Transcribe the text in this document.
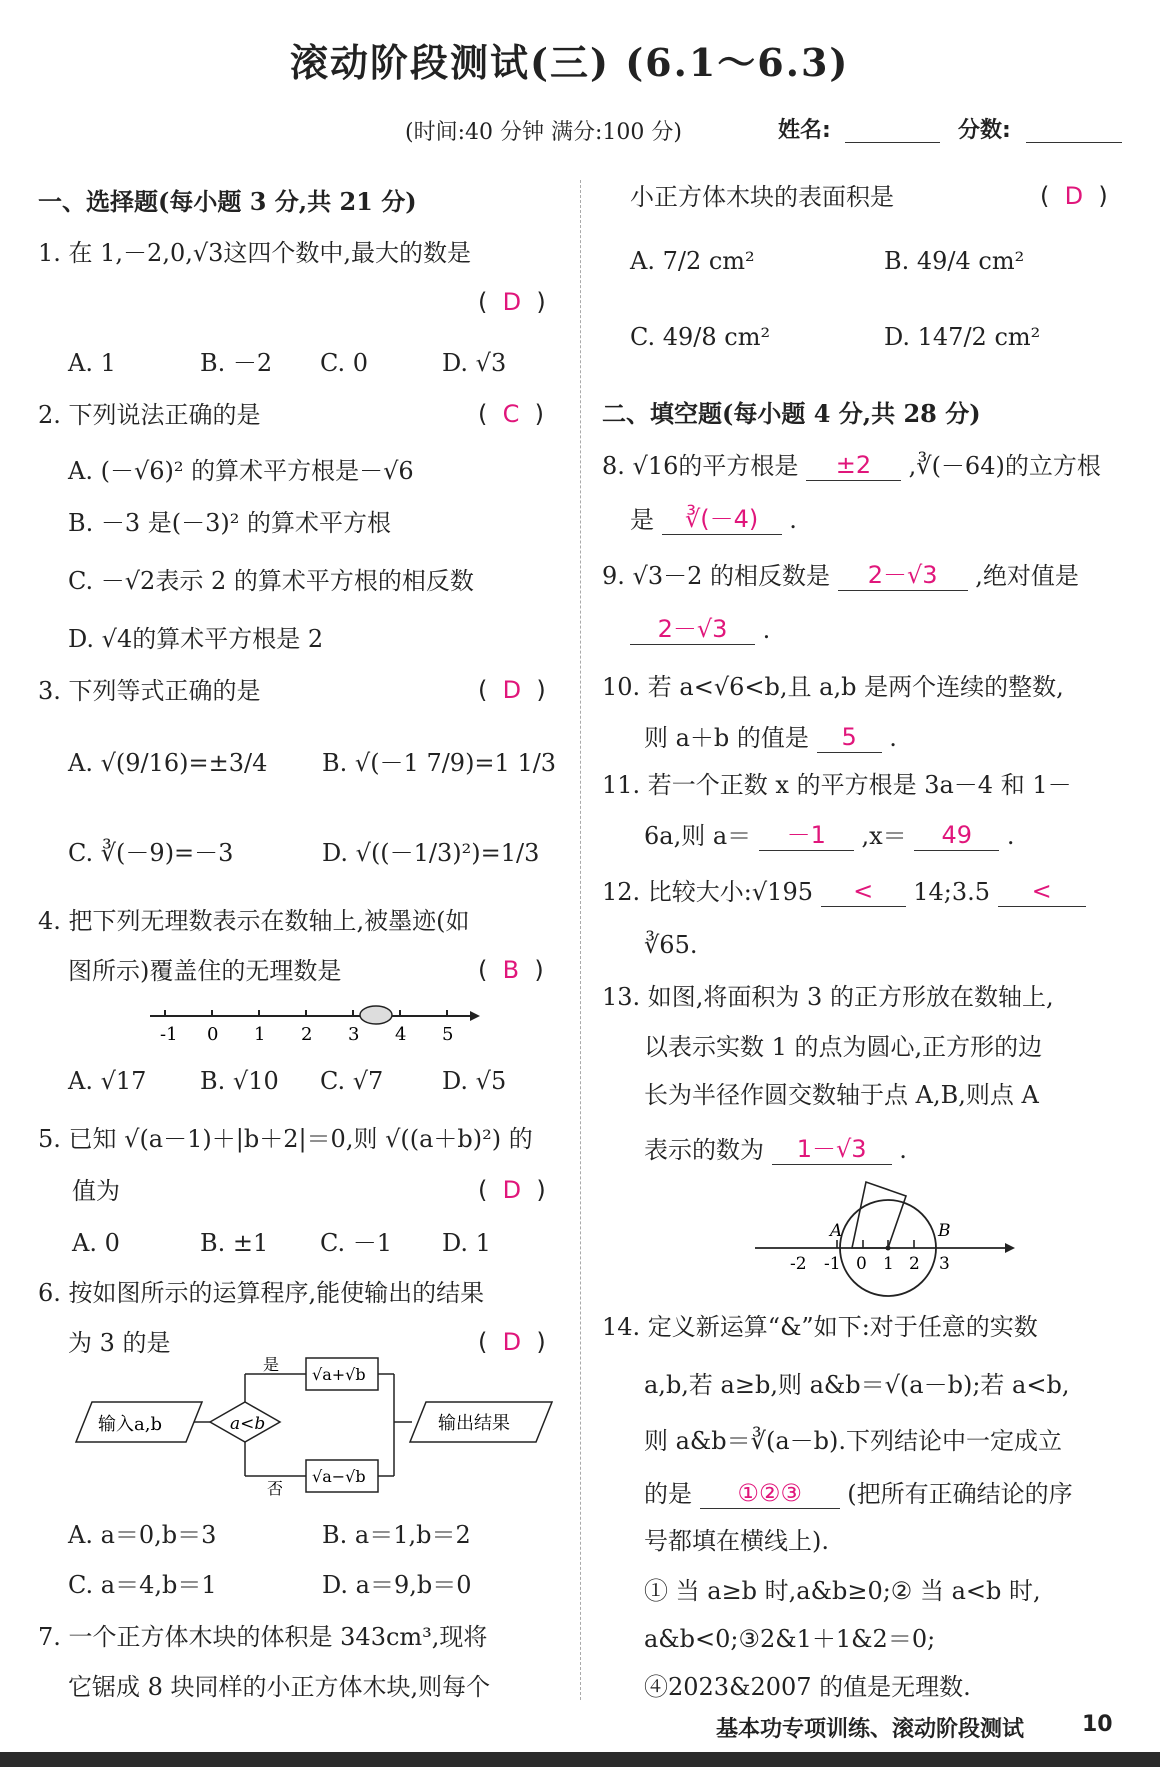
滚动阶段测试(三) (6.1～6.3)
(时间:40 分钟 满分:100 分)	姓名:	分数:
一、选择题(每小题 3 分,共 21 分)
1. 在 1,－2,0,√3这四个数中,最大的数是
(  D  )
A. 1	B. －2 C. 0	D. √3
2. 下列说法正确的是	(  C  )
A. (－√6)² 的算术平方根是－√6
B. －3 是(－3)² 的算术平方根
C. －√2表示 2 的算术平方根的相反数
D. √4的算术平方根是 2
3. 下列等式正确的是	(  D  )
A. √(9/16)=±3/4 B. √(－1 7/9)=1 1/3
C. ∛(－9)=－3	D. √((－1/3)²)=1/3
4. 把下列无理数表示在数轴上,被墨迹(如
图所示)覆盖住的无理数是	(  B  )
-1 0 1 2 3 4 5
A. √17 B. √10 C. √7 D. √5
5. 已知 √(a－1)＋|b＋2|＝0,则 √((a＋b)²) 的
值为	(  D  )
A. 0	B. ±1 C. －1 D. 1
6. 按如图所示的运算程序,能使输出的结果
为 3 的是	(  D  )
输入a,b	a<b
是
否
√a+√b
√a−√b
输出结果
A. a＝0,b＝3	B. a＝1,b＝2
C. a＝4,b＝1	D. a＝9,b＝0
7. 一个正方体木块的体积是 343cm³,现将
它锯成 8 块同样的小正方体木块,则每个
小正方体木块的表面积是	(  D  )
A. 7/2 cm²	B. 49/4 cm²
C. 49/8 cm²	D. 147/2 cm²
二、填空题(每小题 4 分,共 28 分)
8. √16的平方根是 ±2 ,∛(－64)的立方根
是 ∛(－4) .
9. √3－2 的相反数是 2－√3 ,绝对值是
2－√3 .
10. 若 a<√6<b,且 a,b 是两个连续的整数,
则 a＋b 的值是 5 .
11. 若一个正数 x 的平方根是 3a－4 和 1－
6a,则 a＝ －1 ,x＝ 49 .
12. 比较大小:√195 < 14;3.5 <
∛65.
13. 如图,将面积为 3 的正方形放在数轴上,
以表示实数 1 的点为圆心,正方形的边
长为半径作圆交数轴于点 A,B,则点 A
表示的数为 1－√3 .
A	B
-2 -1 0 1 2 3
14. 定义新运算“&”如下:对于任意的实数
a,b,若 a≥b,则 a&b＝√(a－b);若 a<b,
则 a&b＝∛(a－b).下列结论中一定成立
的是 ①②③ (把所有正确结论的序
号都填在横线上).
① 当 a≥b 时,a&b≥0;② 当 a<b 时,
a&b<0;③2&1＋1&2＝0;
④2023&2007 的值是无理数.
基本功专项训练、滚动阶段测试	10
